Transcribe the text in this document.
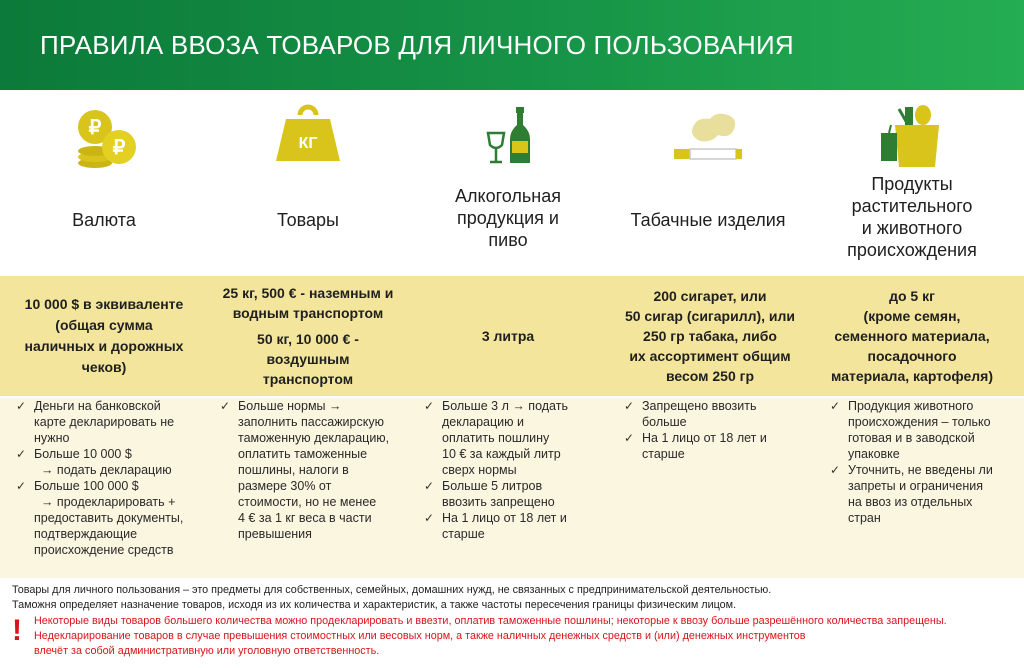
ПРАВИЛА ВВОЗА ТОВАРОВ ДЛЯ ЛИЧНОГО ПОЛЬЗОВАНИЯ
₽
₽
Валюта
КГ
Товары
Алкогольная
продукция и
пиво
Табачные изделия
Продукты
растительного
и животного
происхождения
10 000 $ в эквиваленте
(общая сумма
наличных и дорожных
чеков)
25 кг, 500 € - наземным и
водным транспортом
50 кг, 10 000 € -
воздушным
транспортом
3 литра
200 сигарет, или
50 сигар (сигарилл), или
250 гр табака, либо
их ассортимент общим
весом 250 гр
до 5 кг
(кроме семян,
семенного материала,
посадочного
материала, картофеля)
✓ Деньги на банковской
карте декларировать не
нужно
✓ Больше 10 000 $
→ подать декларацию
✓ Больше 100 000 $
→ продекларировать +
предоставить документы,
подтверждающие
происхождение средств
✓ Больше нормы →
заполнить пассажирскую
таможенную декларацию,
оплатить таможенные
пошлины, налоги в
размере 30% от
стоимости, но не менее
4 € за 1 кг веса в части
превышения
✓ Больше 3 л → подать
декларацию и
оплатить пошлину
10 € за каждый литр
сверх нормы
✓ Больше 5 литров
ввозить запрещено
✓ На 1 лицо от 18 лет и
старше
✓ Запрещено ввозить
больше
✓ На 1 лицо от 18 лет и
старше
✓ Продукция животного
происхождения – только
готовая и в заводской
упаковке
✓ Уточнить, не введены ли
запреты и ограничения
на ввоз из отдельных
стран

Товары для личного пользования – это предметы для собственных, семейных, домашних нужд, не связанных с предпринимательской деятельностью.

Таможня определяет назначение товаров, исходя из их количества и характеристик, а также частоты пересечения границы физическим лицом.

! Некоторые виды товаров большего количества можно продекларировать и ввезти, оплатив таможенные пошлины; некоторые к ввозу больше разрешённого количества запрещены.

Недекларирование товаров в случае превышения стоимостных или весовых норм, а также наличных денежных средств и (или) денежных инструментов

влечёт за собой административную или уголовную ответственность.
